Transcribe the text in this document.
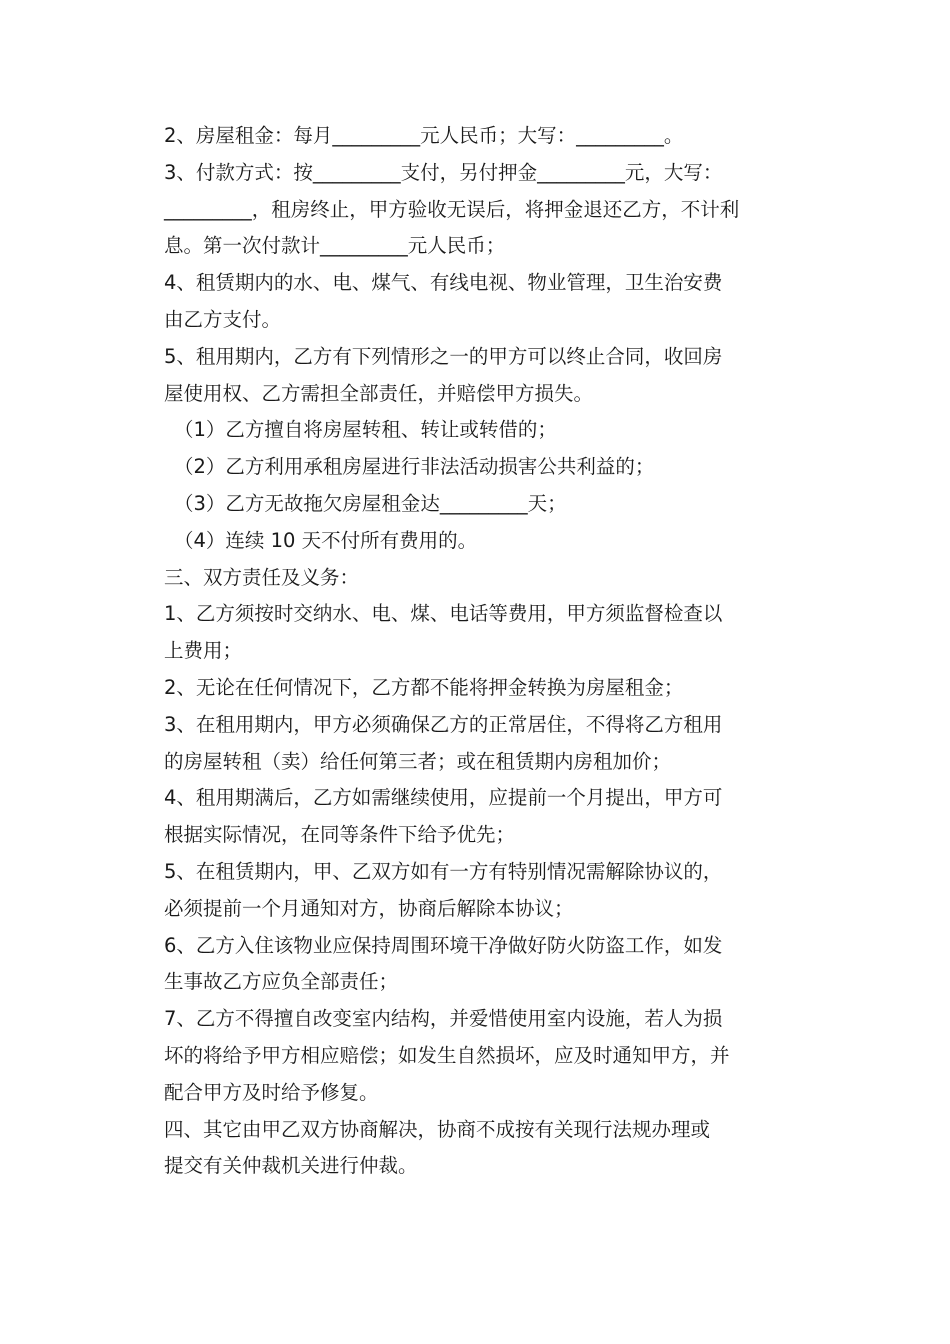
2、房屋租金：每月_________元人民币；大写：_________。

3、付款方式：按_________支付，另付押金_________元，大写：
_________，租房终止，甲方验收无误后，将押金退还乙方，不计利
息。第一次付款计_________元人民币；

4、租赁期内的水、电、煤气、有线电视、物业管理，卫生治安费
由乙方支付。

5、租用期内，乙方有下列情形之一的甲方可以终止合同，收回房
屋使用权、乙方需担全部责任，并赔偿甲方损失。

（1）乙方擅自将房屋转租、转让或转借的；

（2）乙方利用承租房屋进行非法活动损害公共利益的；

（3）乙方无故拖欠房屋租金达_________天；

（4）连续 10 天不付所有费用的。

三、双方责任及义务：

1、乙方须按时交纳水、电、煤、电话等费用，甲方须监督检查以
上费用；

2、无论在任何情况下，乙方都不能将押金转换为房屋租金；

3、在租用期内，甲方必须确保乙方的正常居住，不得将乙方租用
的房屋转租（卖）给任何第三者；或在租赁期内房租加价；

4、租用期满后，乙方如需继续使用，应提前一个月提出，甲方可
根据实际情况，在同等条件下给予优先；

5、在租赁期内，甲、乙双方如有一方有特别情况需解除协议的，
必须提前一个月通知对方，协商后解除本协议；

6、乙方入住该物业应保持周围环境干净做好防火防盗工作，如发
生事故乙方应负全部责任；

7、乙方不得擅自改变室内结构，并爱惜使用室内设施，若人为损
坏的将给予甲方相应赔偿；如发生自然损坏，应及时通知甲方，并
配合甲方及时给予修复。

四、其它由甲乙双方协商解决，协商不成按有关现行法规办理或
提交有关仲裁机关进行仲裁。
